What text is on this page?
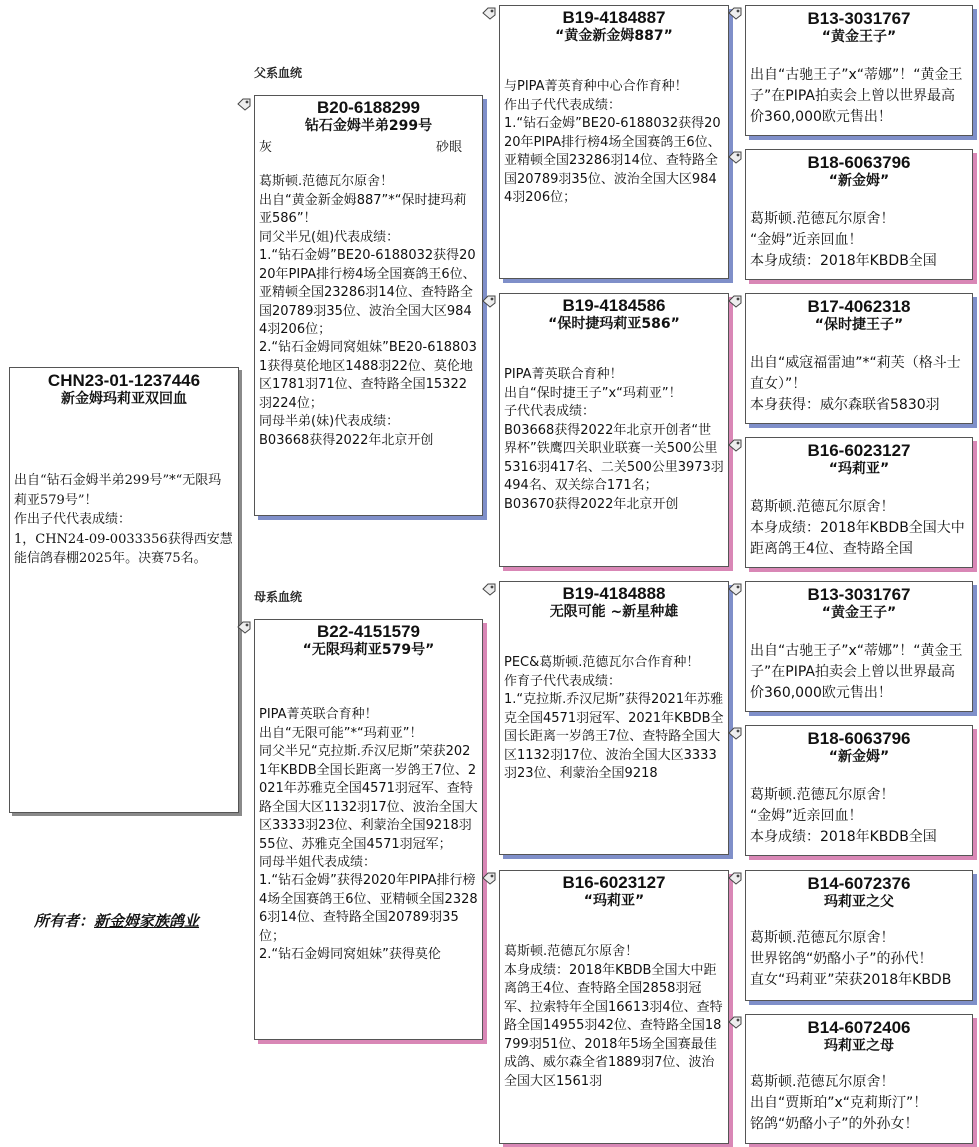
父系血统
母系血统
CHN23-01-1237446
新金姆玛莉亚双回血
出自“钻石金姆半弟299号”*“无限玛莉亚579号”！
作出子代代表成绩：
1，CHN24-09-0033356获得西安慧能信鸽春棚2025年。决赛75名。
B20-6188299
钻石金姆半弟299号
灰	砂眼
葛斯顿.范德瓦尔原舍！
出自“黄金新金姆887”*“保时捷玛莉亚586”！
同父半兄(姐)代表成绩：
1.“钻石金姆”BE20-6188032获得2020年PIPA排行榜4场全国赛鸽王6位、亚精顿全国23286羽14位、查特路全国20789羽35位、波治全国大区9844羽206位；
2.“钻石金姆同窝姐妹”BE20-6188031获得莫伦地区1488羽22位、莫伦地区1781羽71位、查特路全国15322羽224位；
同母半弟(妹)代表成绩：
B03668获得2022年北京开创
B22-4151579
“无限玛莉亚579号”
PIPA菁英联合育种！
出自“无限可能”*“玛莉亚”！
同父半兄“克拉斯.乔汉尼斯”荣获2021年KBDB全国长距离一岁鸽王7位、2021年苏雅克全国4571羽冠军、查特路全国大区1132羽17位、波治全国大区3333羽23位、利蒙治全国9218羽55位、苏雅克全国4571羽冠军；
同母半姐代表成绩：
1.“钻石金姆”获得2020年PIPA排行榜4场全国赛鸽王6位、亚精顿全国23286羽14位、查特路全国20789羽35位；
2.“钻石金姆同窝姐妹”获得莫伦
B19-4184887
“黄金新金姆887”
与PIPA菁英育种中心合作育种！
作出子代代表成绩：
1.“钻石金姆”BE20-6188032获得2020年PIPA排行榜4场全国赛鸽王6位、亚精顿全国23286羽14位、查特路全国20789羽35位、波治全国大区9844羽206位；
B19-4184586
“保时捷玛莉亚586”
PIPA菁英联合育种！
出自“保时捷王子”x“玛莉亚”！
子代代表成绩：
B03668获得2022年北京开创者“世界杯”铁鹰四关职业联赛一关500公里5316羽417名、二关500公里3973羽494名、双关综合171名；
B03670获得2022年北京开创
B19-4184888
无限可能 ~新星种雄
PEC&葛斯顿.范德瓦尔合作育种！
作育子代代表成绩：
1.“克拉斯.乔汉尼斯”获得2021年苏雅克全国4571羽冠军、2021年KBDB全国长距离一岁鸽王7位、查特路全国大区1132羽17位、波治全国大区3333羽23位、利蒙治全国9218
B16-6023127
“玛莉亚”
葛斯顿.范德瓦尔原舍！
本身成绩：2018年KBDB全国大中距离鸽王4位、查特路全国2858羽冠军、拉索特年全国16613羽4位、查特路全国14955羽42位、查特路全国18799羽51位、2018年5场全国赛最佳成鸽、威尔森全省1889羽7位、波治全国大区1561羽
B13-3031767
“黄金王子”
出自“古驰王子”x“蒂娜”！“黄金王子”在PIPA拍卖会上曾以世界最高价360,000欧元售出！
B18-6063796
“新金姆”
葛斯顿.范德瓦尔原舍！
“金姆”近亲回血！
本身成绩：2018年KBDB全国
B17-4062318
“保时捷王子”
出自“威寇福雷迪”*“莉芙（格斗士直女）”！
本身获得：威尔森联省5830羽
B16-6023127
“玛莉亚”
葛斯顿.范德瓦尔原舍！
本身成绩：2018年KBDB全国大中距离鸽王4位、查特路全国
B13-3031767
“黄金王子”
出自“古驰王子”x“蒂娜”！“黄金王子”在PIPA拍卖会上曾以世界最高价360,000欧元售出！
B18-6063796
“新金姆”
葛斯顿.范德瓦尔原舍！
“金姆”近亲回血！
本身成绩：2018年KBDB全国
B14-6072376
玛莉亚之父
葛斯顿.范德瓦尔原舍！
世界铭鸽“奶酪小子”的孙代！
直女“玛莉亚”荣获2018年KBDB
B14-6072406
玛莉亚之母
葛斯顿.范德瓦尔原舍！
出自“贾斯珀”x“克莉斯汀”！
铭鸽“奶酪小子”的外孙女！
所有者：新金姆家族鸽业
